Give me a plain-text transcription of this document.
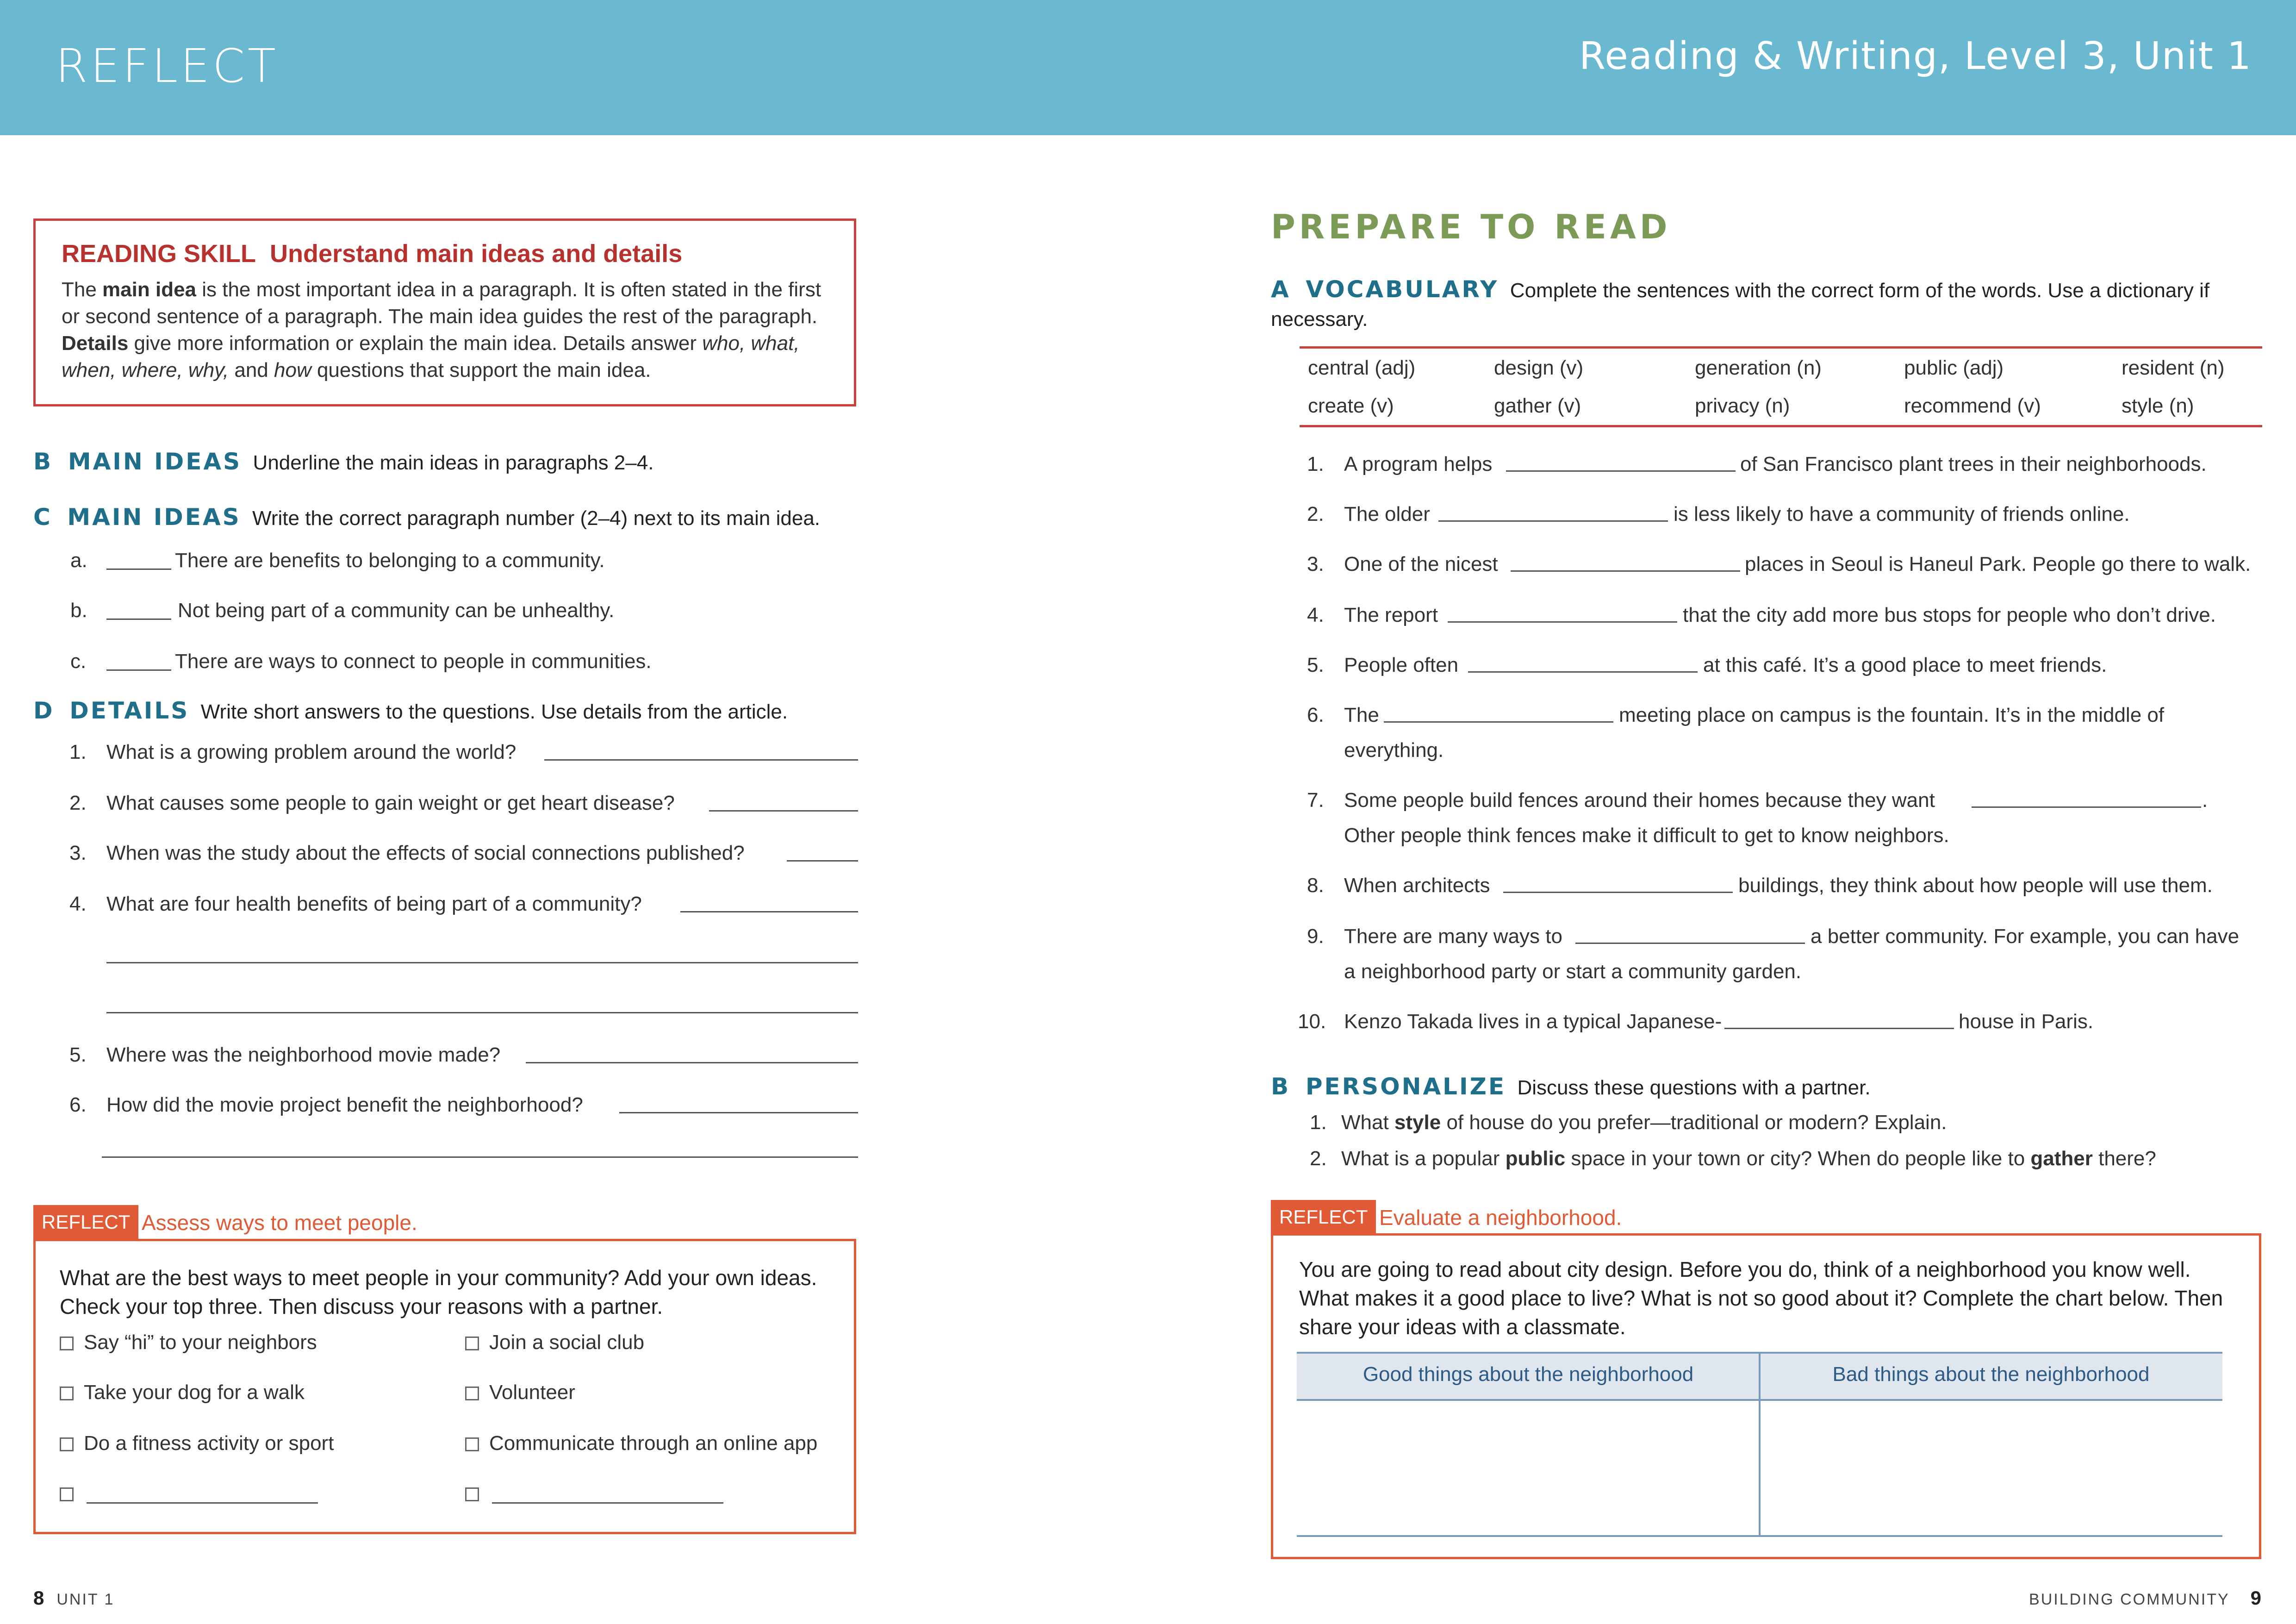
REFLECT	Reading & Writing, Level 3, Unit 1
READING SKILL Understand main ideas and details
The main idea is the most important idea in a paragraph. It is often stated in the first or second sentence of a paragraph. The main idea guides the rest of the paragraph. Details give more information or explain the main idea. Details answer who, what, when, where, why, and how questions that support the main idea.
B MAIN IDEAS Underline the main ideas in paragraphs 2–4.
C MAIN IDEAS Write the correct paragraph number (2–4) next to its main idea.
a.	There are benefits to belonging to a community.
b.	Not being part of a community can be unhealthy.
c.	There are ways to connect to people in communities.
D DETAILS Write short answers to the questions. Use details from the article.
1. What is a growing problem around the world?
2. What causes some people to gain weight or get heart disease?
3. When was the study about the effects of social connections published?
4. What are four health benefits of being part of a community?
5. Where was the neighborhood movie made?
6. How did the movie project benefit the neighborhood?
REFLECT Assess ways to meet people.
What are the best ways to meet people in your community? Add your own ideas. Check your top three. Then discuss your reasons with a partner.
Say “hi” to your neighbors
Take your dog for a walk
Do a fitness activity or sport
Join a social club
Volunteer
Communicate through an online app
8 UNIT 1
PREPARE TO READ
A VOCABULARY Complete the sentences with the correct form of the words. Use a dictionary if necessary.
central (adj)	design (v)	generation (n)	public (adj)	resident (n)
create (v)	gather (v)	privacy (n)	recommend (v)	style (n)
1. A program helps	of San Francisco plant trees in their neighborhoods.
2. The older	is less likely to have a community of friends online.
3. One of the nicest	places in Seoul is Haneul Park. People go there to walk.
4. The report	that the city add more bus stops for people who don’t drive.
5. People often	at this café. It’s a good place to meet friends.
6. The	meeting place on campus is the fountain. It’s in the middle of
everything.
7. Some people build fences around their homes because they want	.
Other people think fences make it difficult to get to know neighbors.
8. When architects	buildings, they think about how people will use them.
9. There are many ways to	a better community. For example, you can have
a neighborhood party or start a community garden.
10. Kenzo Takada lives in a typical Japanese-	house in Paris.
B PERSONALIZE Discuss these questions with a partner.
1. What style of house do you prefer—traditional or modern? Explain.
2. What is a popular public space in your town or city? When do people like to gather there?
REFLECT Evaluate a neighborhood.
You are going to read about city design. Before you do, think of a neighborhood you know well. What makes it a good place to live? What is not so good about it? Complete the chart below. Then share your ideas with a classmate.
Good things about the neighborhood	Bad things about the neighborhood
BUILDING COMMUNITY 9
